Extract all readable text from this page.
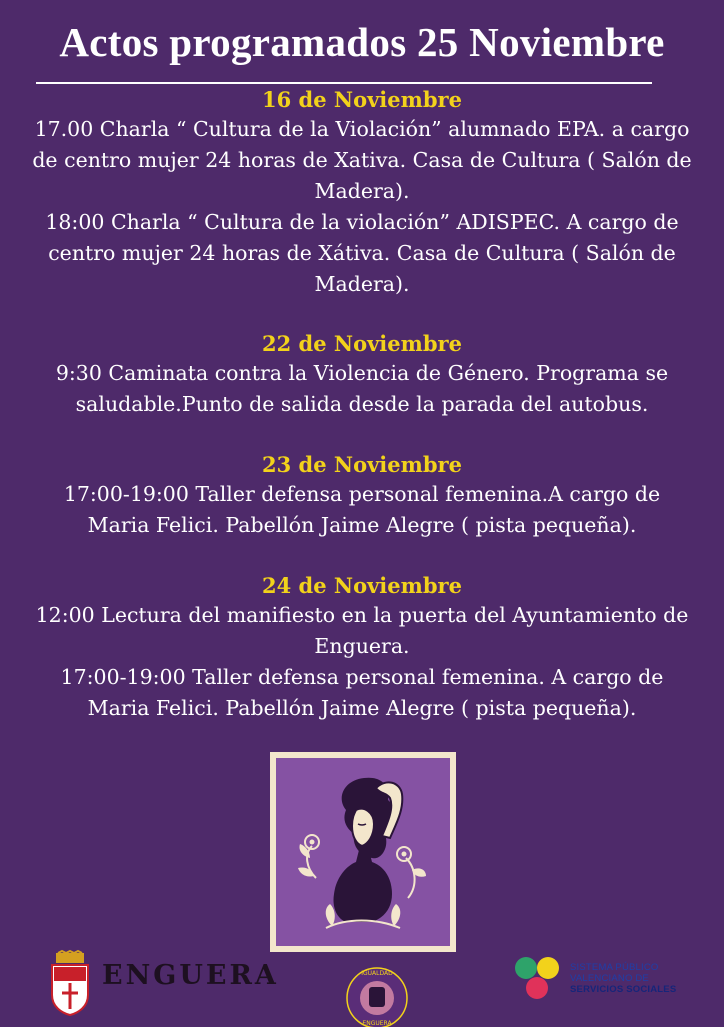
Actos programados 25 Noviembre
16 de Noviembre
17.00 Charla “ Cultura de la Violación” alumnado EPA. a cargo
de centro mujer 24 horas de Xativa. Casa de Cultura ( Salón de
Madera).
18:00 Charla “ Cultura de la violación” ADISPEC. A cargo de
centro mujer 24 horas de Xátiva. Casa de Cultura ( Salón de
Madera).
22 de Noviembre
9:30 Caminata contra la Violencia de Género. Programa se
saludable.Punto de salida desde la parada del autobus.
23 de Noviembre
17:00-19:00 Taller defensa personal femenina.A cargo de
Maria Felici. Pabellón Jaime Alegre ( pista pequeña).
24 de Noviembre
12:00 Lectura del manifiesto en la puerta del Ayuntamiento de
Enguera.
17:00-19:00 Taller defensa personal femenina. A cargo de
Maria Felici. Pabellón Jaime Alegre ( pista pequeña).
ENGUERA	IGUALDAD
ENGUERA
SISTEMA PÚBLICO
VALENCIANO DE
SERVICIOS SOCIALES
